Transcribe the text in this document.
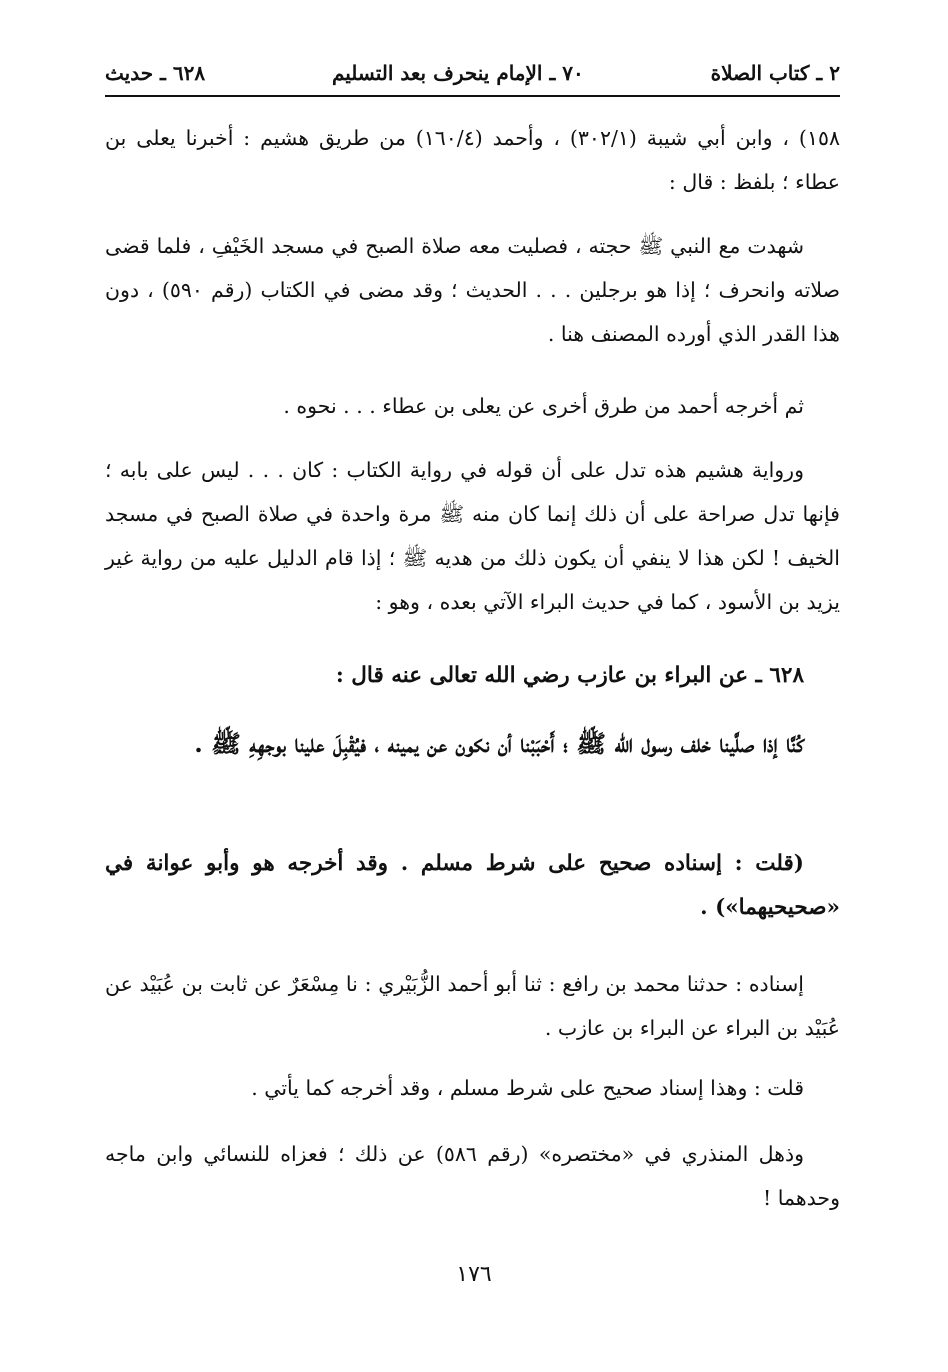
٢ ـ كتاب الصلاة
٧٠ ـ الإمام ينحرف بعد التسليم
٦٢٨ ـ حديث
١٥٨) ، وابن أبي شيبة (٣٠٢/١) ، وأحمد (١٦٠/٤) من طريق هشيم : أخبرنا يعلى بن عطاء ؛ بلفظ : قال :
شهدت مع النبي ﷺ حجته ، فصليت معه صلاة الصبح في مسجد الخَيْفِ ، فلما قضى صلاته وانحرف ؛ إذا هو برجلين . . . الحديث ؛ وقد مضى في الكتاب (رقم ٥٩٠) ، دون هذا القدر الذي أورده المصنف هنا .
ثم أخرجه أحمد من طرق أخرى عن يعلى بن عطاء . . . نحوه .
ورواية هشيم هذه تدل على أن قوله في رواية الكتاب : كان . . . ليس على بابه ؛ فإنها تدل صراحة على أن ذلك إنما كان منه ﷺ مرة واحدة في صلاة الصبح في مسجد الخيف ! لكن هذا لا ينفي أن يكون ذلك من هديه ﷺ ؛ إذا قام الدليل عليه من رواية غير يزيد بن الأسود ، كما في حديث البراء الآتي بعده ، وهو :
٦٢٨ ـ عن البراء بن عازب رضي الله تعالى عنه قال :
كُنَّا إذا صلَّينا خلف رسول الله ﷺ ؛ أَحْبَبْنا أن نكون عن يمينه ، فيُقْبِلَ علينا بوجهِهِ ﷺ .
(قلت : إسناده صحيح على شرط مسلم . وقد أخرجه هو وأبو عوانة في «صحيحيهما») .
إسناده : حدثنا محمد بن رافع : ثنا أبو أحمد الزُّبَيْري : نا مِسْعَرٌ عن ثابت بن عُبَيْد عن عُبَيْد بن البراء عن البراء بن عازب .
قلت : وهذا إسناد صحيح على شرط مسلم ، وقد أخرجه كما يأتي .
وذهل المنذري في «مختصره» (رقم ٥٨٦) عن ذلك ؛ فعزاه للنسائي وابن ماجه وحدهما !
١٧٦
